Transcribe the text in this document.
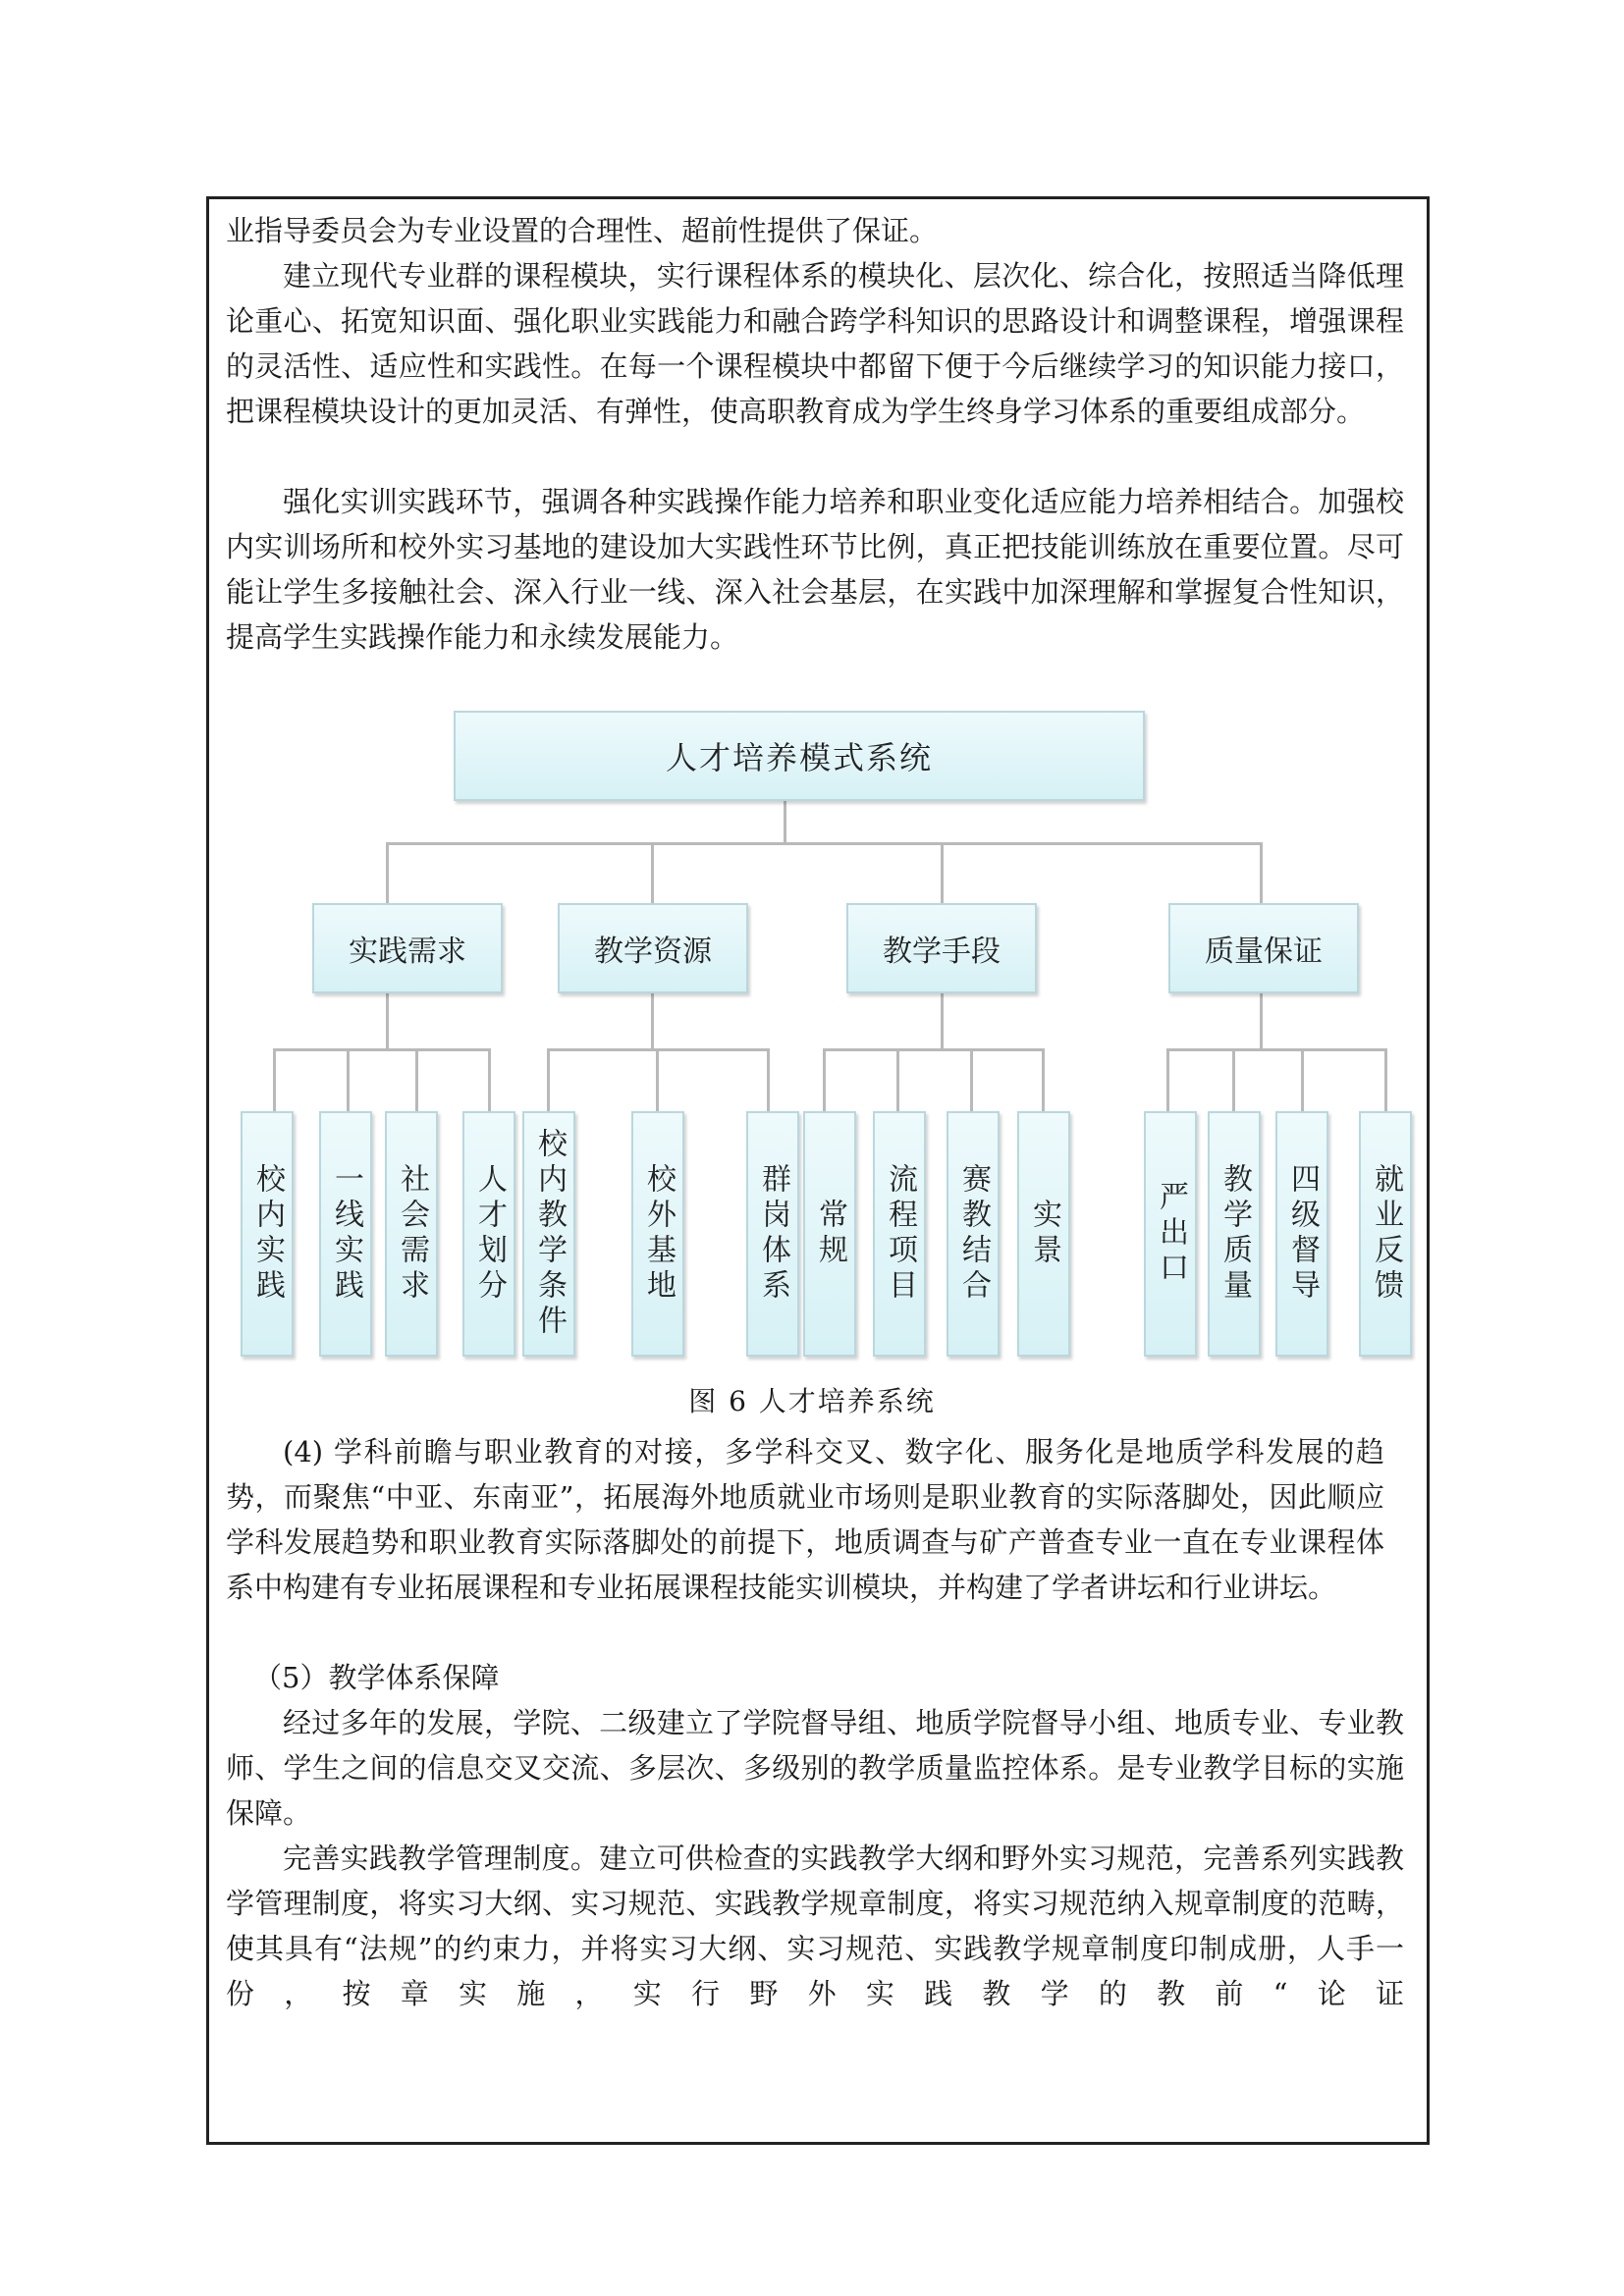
业指导委员会为专业设置的合理性、超前性提供了保证。

建立现代专业群的课程模块，实行课程体系的模块化、层次化、综合化，按照适当降低理论重心、拓宽知识面、强化职业实践能力和融合跨学科知识的思路设计和调整课程，增强课程的灵活性、适应性和实践性。在每一个课程模块中都留下便于今后继续学习的知识能力接口，把课程模块设计的更加灵活、有弹性，使高职教育成为学生终身学习体系的重要组成部分。

强化实训实践环节，强调各种实践操作能力培养和职业变化适应能力培养相结合。加强校内实训场所和校外实习基地的建设加大实践性环节比例，真正把技能训练放在重要位置。尽可能让学生多接触社会、深入行业一线、深入社会基层，在实践中加深理解和掌握复合性知识，提高学生实践操作能力和永续发展能力。

人才培养模式系统
实践需求	教学资源	教学手段	质量保证
校内实践	一线实践	社会需求	人才划分 校内教学条件	校外基地	群岗体系 常规	流程项目	赛教结合	实景	严出口	教学质量	四级督导	就业反馈
图 6 人才培养系统

(4) 学科前瞻与职业教育的对接，多学科交叉、数字化、服务化是地质学科发展的趋势，而聚焦“中亚、东南亚”，拓展海外地质就业市场则是职业教育的实际落脚处，因此顺应学科发展趋势和职业教育实际落脚处的前提下，地质调查与矿产普查专业一直在专业课程体系中构建有专业拓展课程和专业拓展课程技能实训模块，并构建了学者讲坛和行业讲坛。

（5）教学体系保障

经过多年的发展，学院、二级建立了学院督导组、地质学院督导小组、地质专业、专业教师、学生之间的信息交叉交流、多层次、多级别的教学质量监控体系。是专业教学目标的实施保障。

完善实践教学管理制度。建立可供检查的实践教学大纲和野外实习规范，完善系列实践教学管理制度，将实习大纲、实习规范、实践教学规章制度，将实习规范纳入规章制度的范畴，使其具有“法规”的约束力，并将实习大纲、实习规范、实践教学规章制度印制成册，人手一份，按章实施，实行野外实践教学的教前“论证
